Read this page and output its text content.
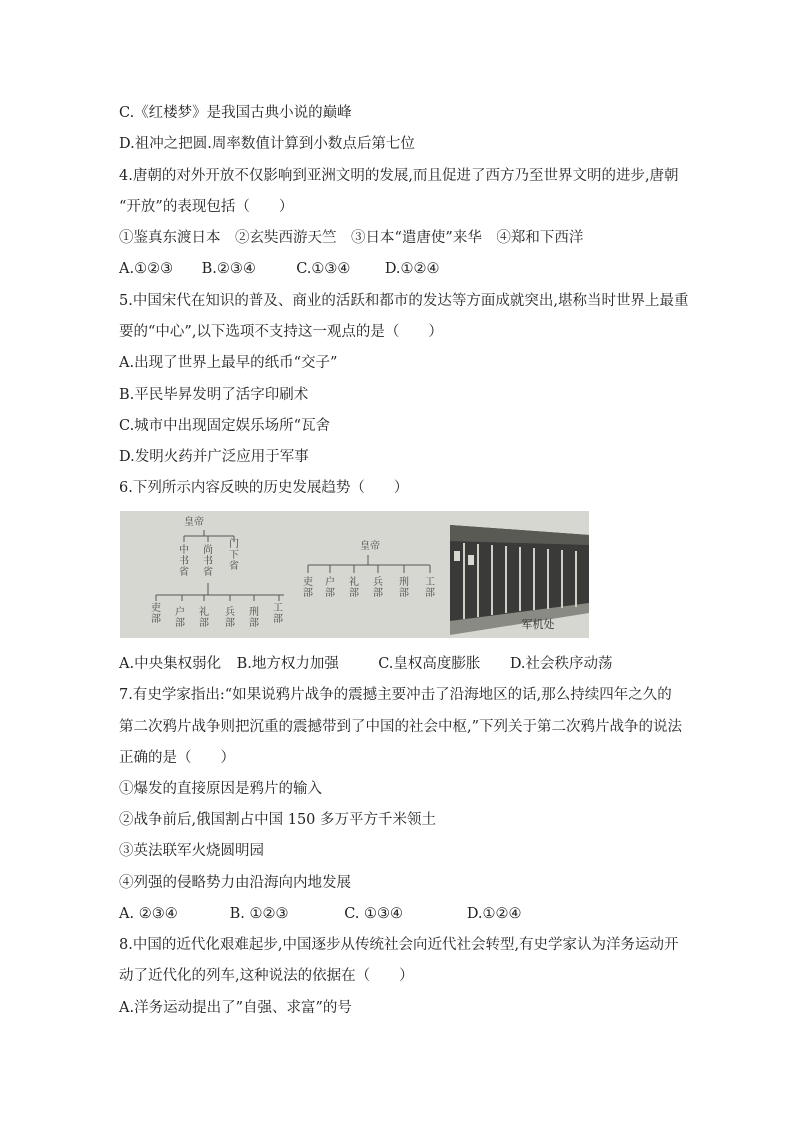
C.《红楼梦》是我国古典小说的巅峰
D.祖冲之把圆.周率数值计算到小数点后第七位
4.唐朝的对外开放不仅影响到亚洲文明的发展,而且促进了西方乃至世界文明的进步,唐朝
“开放”的表现包括（　　）
①鉴真东渡日本　②玄奘西游天竺　③日本“遣唐使”来华　④郑和下西洋
A.①②③ B.②③④	C.①③④ D.①②④
5.中国宋代在知识的普及、商业的活跃和都市的发达等方面成就突出,堪称当时世界上最重
要的“中心”,以下选项不支持这一观点的是（　　）
A.出现了世界上最早的纸币“交子”
B.平民毕昇发明了活字印刷术
C.城市中出现固定娱乐场所“瓦舍
D.发明火药并广泛应用于军事
6.下列所示内容反映的历史发展趋势（　　）
皇帝
中书省
尚书省
门下省
吏部
户部
礼部
兵部
刑部
工部
皇帝
吏部
户部
礼部
兵部
刑部
工部
军机处
A.中央集权弱化 B.地方权力加强	C.皇权高度膨胀 D.社会秩序动荡
7.有史学家指出:“如果说鸦片战争的震撼主要冲击了沿海地区的话,那么持续四年之久的
第二次鸦片战争则把沉重的震撼带到了中国的社会中枢,”下列关于第二次鸦片战争的说法
正确的是（　　）
①爆发的直接原因是鸦片的输入
②战争前后,俄国割占中国 150 多万平方千米领土
③英法联军火烧圆明园
④列强的侵略势力由沿海向内地发展
A. ②③④	B. ①②③	C. ①③④	D.①②④
8.中国的近代化艰难起步,中国逐步从传统社会向近代社会转型,有史学家认为洋务运动开
动了近代化的列车,这种说法的依据在（　　）
A.洋务运动提出了”自强、求富”的号
